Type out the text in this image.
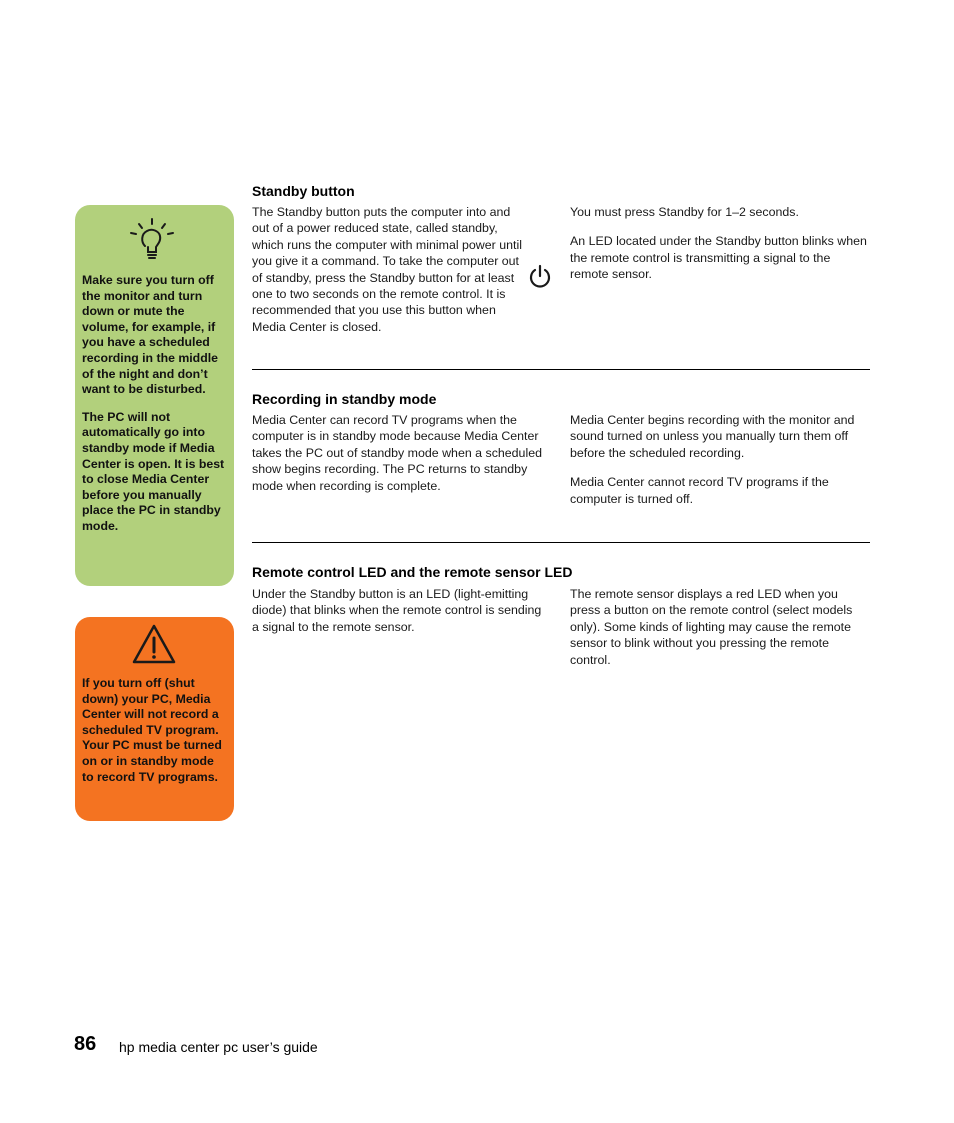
Make sure you turn off the monitor and turn down or mute the volume, for example, if you have a scheduled recording in the middle of the night and don’t want to be disturbed.

The PC will not automatically go into standby mode if Media Center is open. It is best to close Media Center before you manually place the PC in standby mode.

If you turn off (shut down) your PC, Media Center will not record a scheduled TV program. Your PC must be turned on or in standby mode to record TV programs.

Standby button
The Standby button puts the computer into and out of a power reduced state, called standby, which runs the computer with minimal power until you give it a command. To take the computer out of standby, press the Standby button for at least one to two seconds on the remote control. It is recommended that you use this button when Media Center is closed.

You must press Standby for 1–2 seconds.

An LED located under the Standby button blinks when the remote control is transmitting a signal to the remote sensor.

Recording in standby mode
Media Center can record TV programs when the computer is in standby mode because Media Center takes the PC out of standby mode when a scheduled show begins recording. The PC returns to standby mode when recording is complete.

Media Center begins recording with the monitor and sound turned on unless you manually turn them off before the scheduled recording.

Media Center cannot record TV programs if the computer is turned off.

Remote control LED and the remote sensor LED
Under the Standby button is an LED (light-emitting diode) that blinks when the remote control is sending a signal to the remote sensor.

The remote sensor displays a red LED when you press a button on the remote control (select models only). Some kinds of lighting may cause the remote sensor to blink without you pressing the remote control.

86 hp media center pc user’s guide
